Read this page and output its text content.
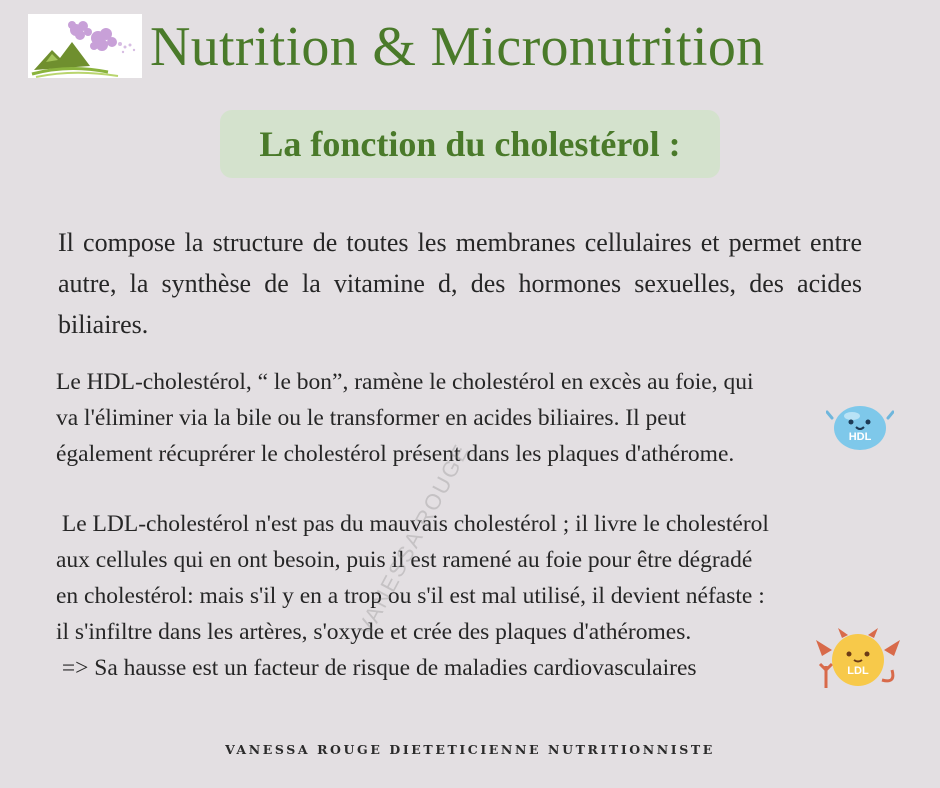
Nutrition & Micronutrition
La fonction du cholestérol :
Il compose la structure de toutes les membranes cellulaires et permet entre autre, la synthèse de la vitamine d, des hormones sexuelles, des acides biliaires.

Le HDL-cholestérol, “ le bon”, ramène le cholestérol en excès au foie, qui

va l'éliminer via la bile ou le transformer en acides biliaires. Il peut

également récuprérer le cholestérol présent dans les plaques d'athérome.

HDL

Le LDL-cholestérol n'est pas du mauvais cholestérol ; il livre le cholestérol

aux cellules qui en ont besoin, puis il est ramené au foie pour être dégradé

en cholestérol: mais s'il y en a trop ou s'il est mal utilisé, il devient néfaste :

il s'infiltre dans les artères, s'oxyde et crée des plaques d'athéromes.

=> Sa hausse est un facteur de risque de maladies cardiovasculaires	LDL
VANESSA ROUGE
VANESSA ROUGE DIETETICIENNE NUTRITIONNISTE
